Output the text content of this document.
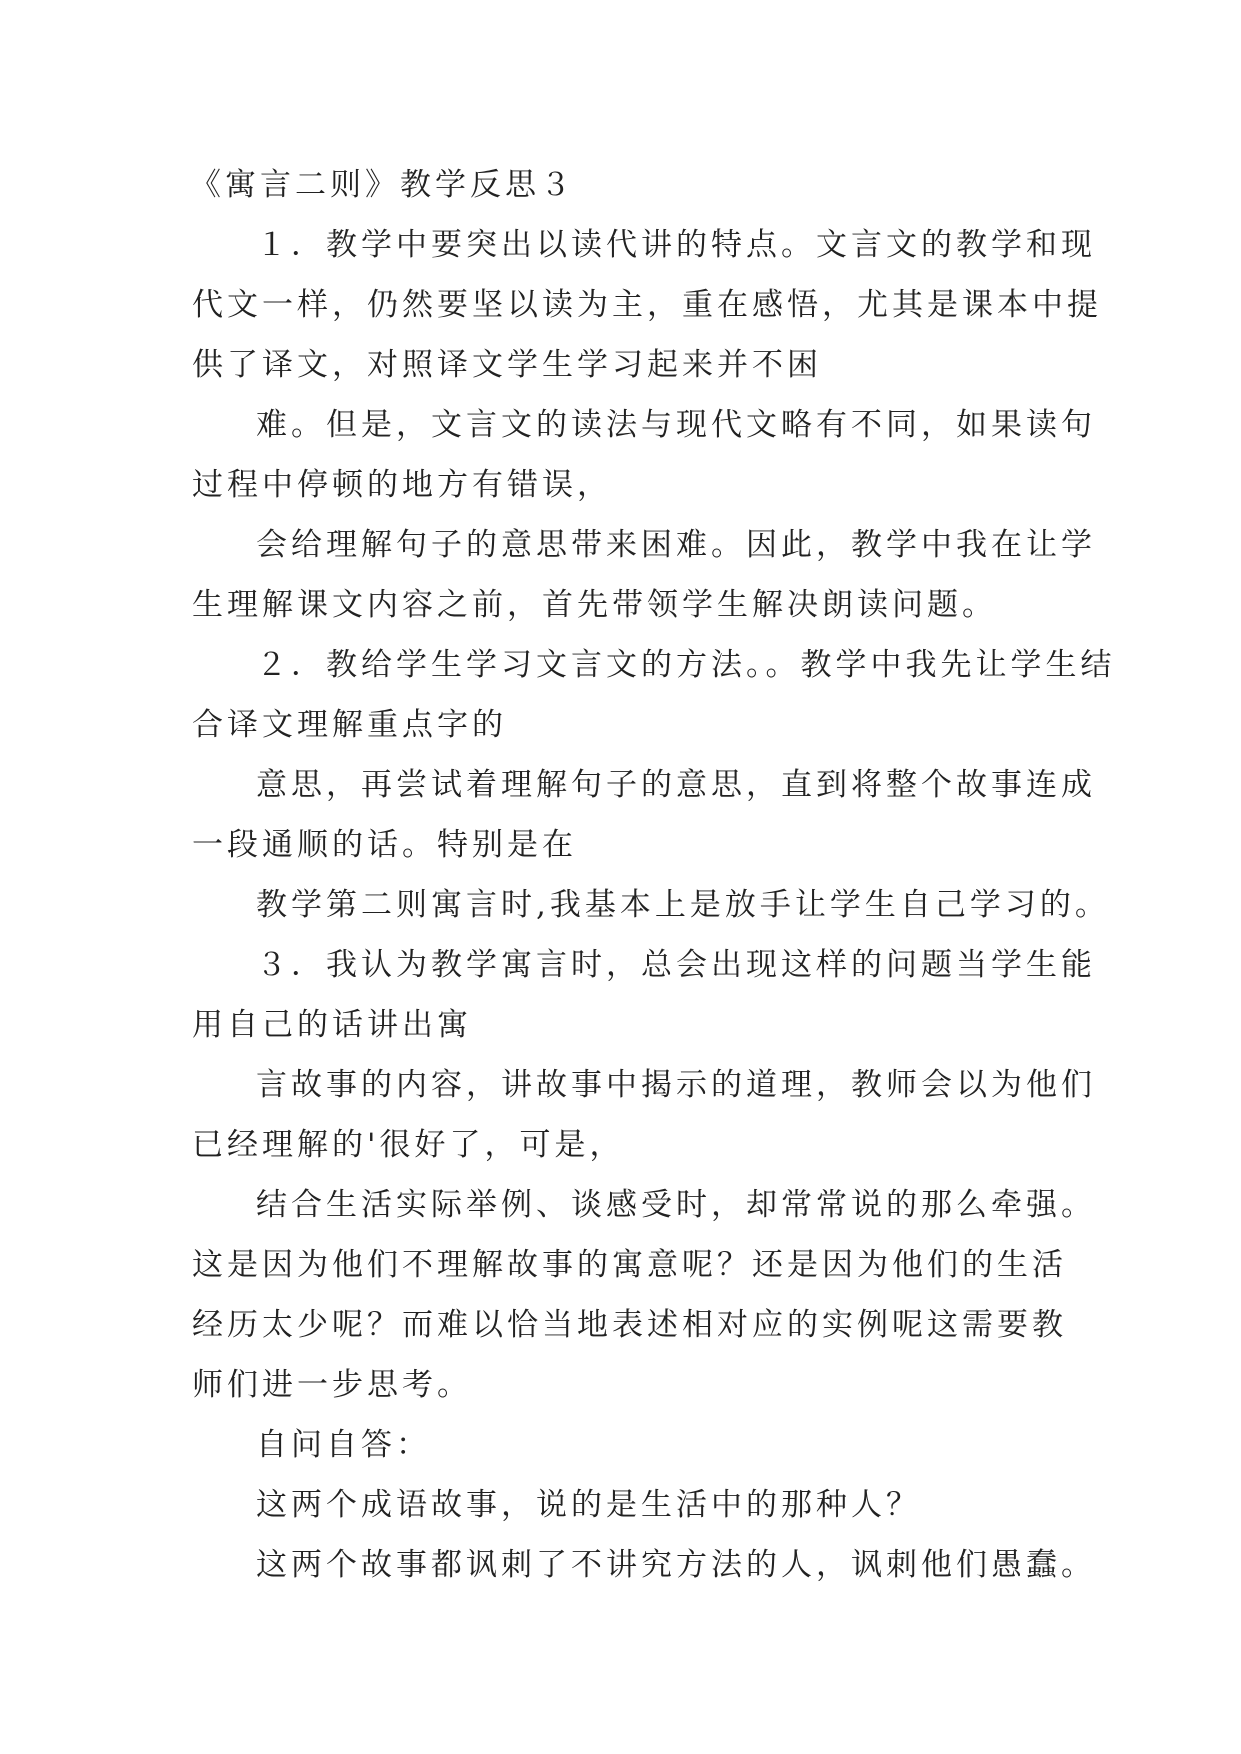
《寓言二则》教学反思３
１．教学中要突出以读代讲的特点。文言文的教学和现
代文一样，仍然要坚以读为主，重在感悟，尤其是课本中提
供了译文，对照译文学生学习起来并不困
难。但是，文言文的读法与现代文略有不同，如果读句
过程中停顿的地方有错误，
会给理解句子的意思带来困难。因此，教学中我在让学
生理解课文内容之前，首先带领学生解决朗读问题。
２．教给学生学习文言文的方法。。教学中我先让学生结
合译文理解重点字的
意思，再尝试着理解句子的意思，直到将整个故事连成
一段通顺的话。特别是在
教学第二则寓言时,我基本上是放手让学生自己学习的。
３．我认为教学寓言时，总会出现这样的问题当学生能
用自己的话讲出寓
言故事的内容，讲故事中揭示的道理，教师会以为他们
已经理解的'很好了，可是，
结合生活实际举例、谈感受时，却常常说的那么牵强。
这是因为他们不理解故事的寓意呢？还是因为他们的生活
经历太少呢？而难以恰当地表述相对应的实例呢这需要教
师们进一步思考。
自问自答：
这两个成语故事，说的是生活中的那种人？
这两个故事都讽刺了不讲究方法的人，讽刺他们愚蠢。
